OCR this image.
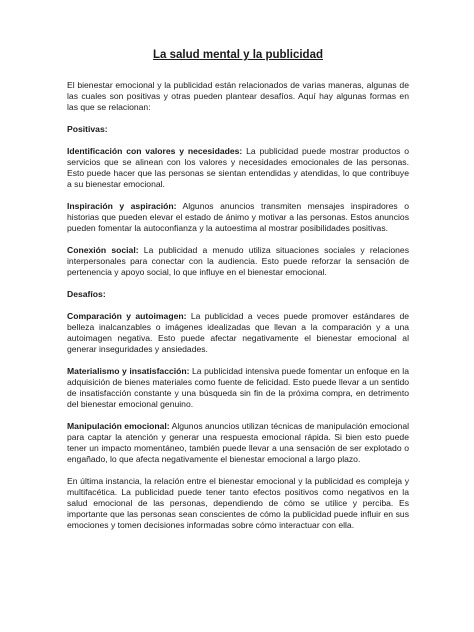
La salud mental y la publicidad

El bienestar emocional y la publicidad están relacionados de varias maneras, algunas de las cuales son positivas y otras pueden plantear desafíos. Aquí hay algunas formas en las que se relacionan:

Positivas:

Identificación con valores y necesidades: La publicidad puede mostrar productos o servicios que se alinean con los valores y necesidades emocionales de las personas. Esto puede hacer que las personas se sientan entendidas y atendidas, lo que contribuye a su bienestar emocional.

Inspiración y aspiración: Algunos anuncios transmiten mensajes inspiradores o historias que pueden elevar el estado de ánimo y motivar a las personas. Estos anuncios pueden fomentar la autoconfianza y la autoestima al mostrar posibilidades positivas.

Conexión social: La publicidad a menudo utiliza situaciones sociales y relaciones interpersonales para conectar con la audiencia. Esto puede reforzar la sensación de pertenencia y apoyo social, lo que influye en el bienestar emocional.

Desafíos:

Comparación y autoimagen: La publicidad a veces puede promover estándares de belleza inalcanzables o imágenes idealizadas que llevan a la comparación y a una autoimagen negativa. Esto puede afectar negativamente el bienestar emocional al generar inseguridades y ansiedades.

Materialismo y insatisfacción: La publicidad intensiva puede fomentar un enfoque en la adquisición de bienes materiales como fuente de felicidad. Esto puede llevar a un sentido de insatisfacción constante y una búsqueda sin fin de la próxima compra, en detrimento del bienestar emocional genuino.

Manipulación emocional: Algunos anuncios utilizan técnicas de manipulación emocional para captar la atención y generar una respuesta emocional rápida. Si bien esto puede tener un impacto momentáneo, también puede llevar a una sensación de ser explotado o engañado, lo que afecta negativamente el bienestar emocional a largo plazo.

En última instancia, la relación entre el bienestar emocional y la publicidad es compleja y multifacética. La publicidad puede tener tanto efectos positivos como negativos en la salud emocional de las personas, dependiendo de cómo se utilice y perciba. Es importante que las personas sean conscientes de cómo la publicidad puede influir en sus emociones y tomen decisiones informadas sobre cómo interactuar con ella.
